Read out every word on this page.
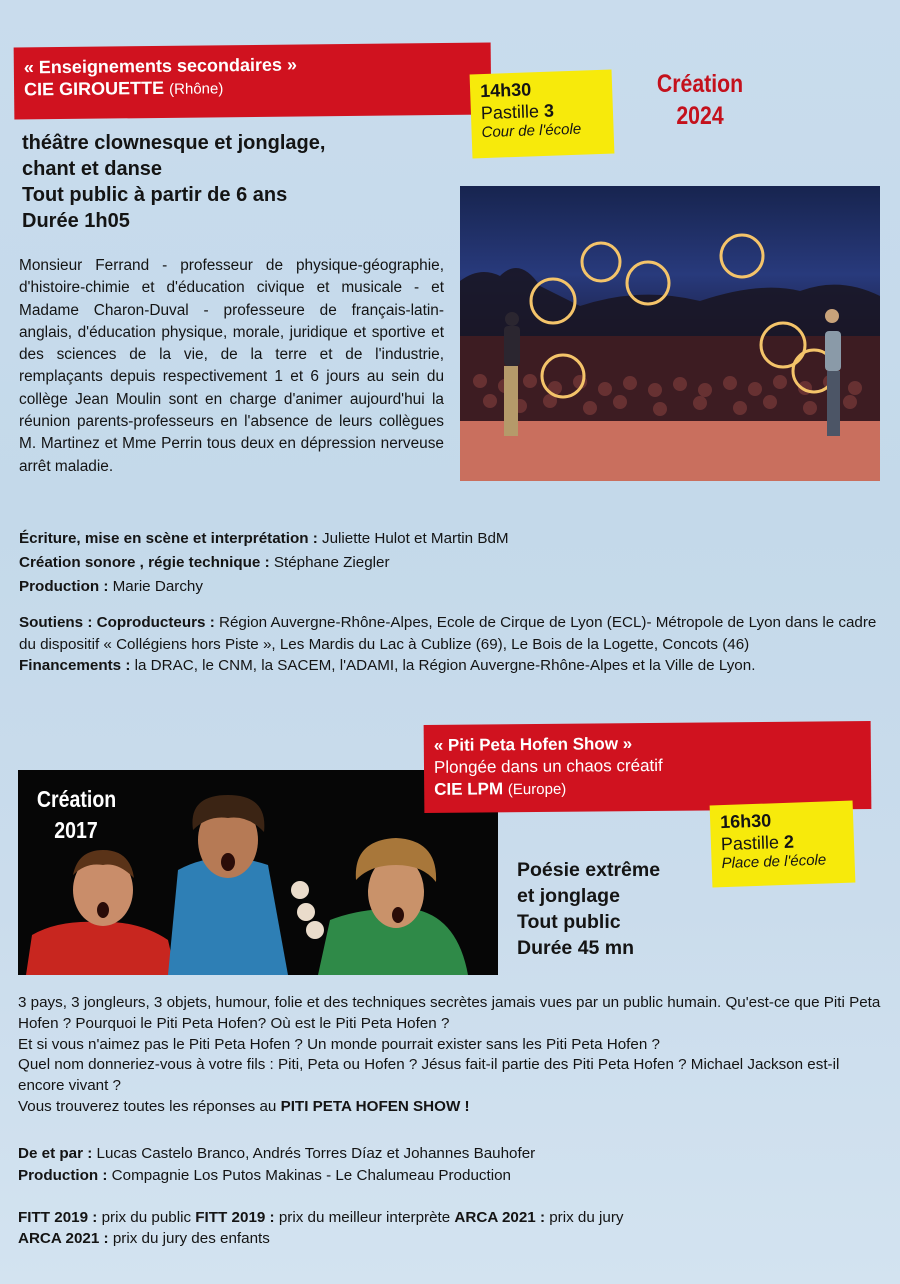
« Enseignements secondaires »
CIE GIROUETTE (Rhône)	14h30
Pastille 3
Cour de l'école
Création
2024
théâtre clownesque et jonglage,
chant et danse
Tout public à partir de 6 ans
Durée 1h05
Monsieur Ferrand - professeur de physique-géographie, d'histoire-chimie et d'éducation civique et musicale - et Madame Charon-Duval - professeure de français-latin-anglais, d'éducation physique, morale, juridique et sportive et des sciences de la vie, de la terre et de l'industrie, remplaçants depuis respectivement 1 et 6 jours au sein du collège Jean Moulin sont en charge d'animer aujourd'hui la réunion parents-professeurs en l'absence de leurs collègues M. Martinez et Mme Perrin tous deux en dépression nerveuse arrêt maladie.
Écriture, mise en scène et interprétation : Juliette Hulot et Martin BdM
Création sonore , régie technique : Stéphane Ziegler
Production : Marie Darchy
Soutiens : Coproducteurs : Région Auvergne-Rhône-Alpes, Ecole de Cirque de Lyon (ECL)- Métropole de Lyon dans le cadre du dispositif « Collégiens hors Piste », Les Mardis du Lac à Cublize (69), Le Bois de la Logette, Concots (46)
Financements : la DRAC, le CNM, la SACEM, l'ADAMI, la Région Auvergne-Rhône-Alpes et la Ville de Lyon.
Création
2017
« Piti Peta Hofen Show »
Plongée dans un chaos créatif
CIE LPM (Europe)
16h30
Pastille 2
Place de l'école
Poésie extrême
et jonglage
Tout public
Durée 45 mn
3 pays, 3 jongleurs, 3 objets, humour, folie et des techniques secrètes jamais vues par un public humain. Qu'est-ce que Piti Peta Hofen ? Pourquoi le Piti Peta Hofen? Où est le Piti Peta Hofen ?
Et si vous n'aimez pas le Piti Peta Hofen ? Un monde pourrait exister sans les Piti Peta Hofen ?
Quel nom donneriez-vous à votre fils : Piti, Peta ou Hofen ? Jésus fait-il partie des Piti Peta Hofen ? Michael Jackson est-il encore vivant ?
Vous trouverez toutes les réponses au PITI PETA HOFEN SHOW !
De et par : Lucas Castelo Branco, Andrés Torres Díaz et Johannes Bauhofer
Production : Compagnie Los Putos Makinas - Le Chalumeau Production
FITT 2019 : prix du public FITT 2019 : prix du meilleur interprète ARCA 2021 : prix du jury
ARCA 2021 : prix du jury des enfants
